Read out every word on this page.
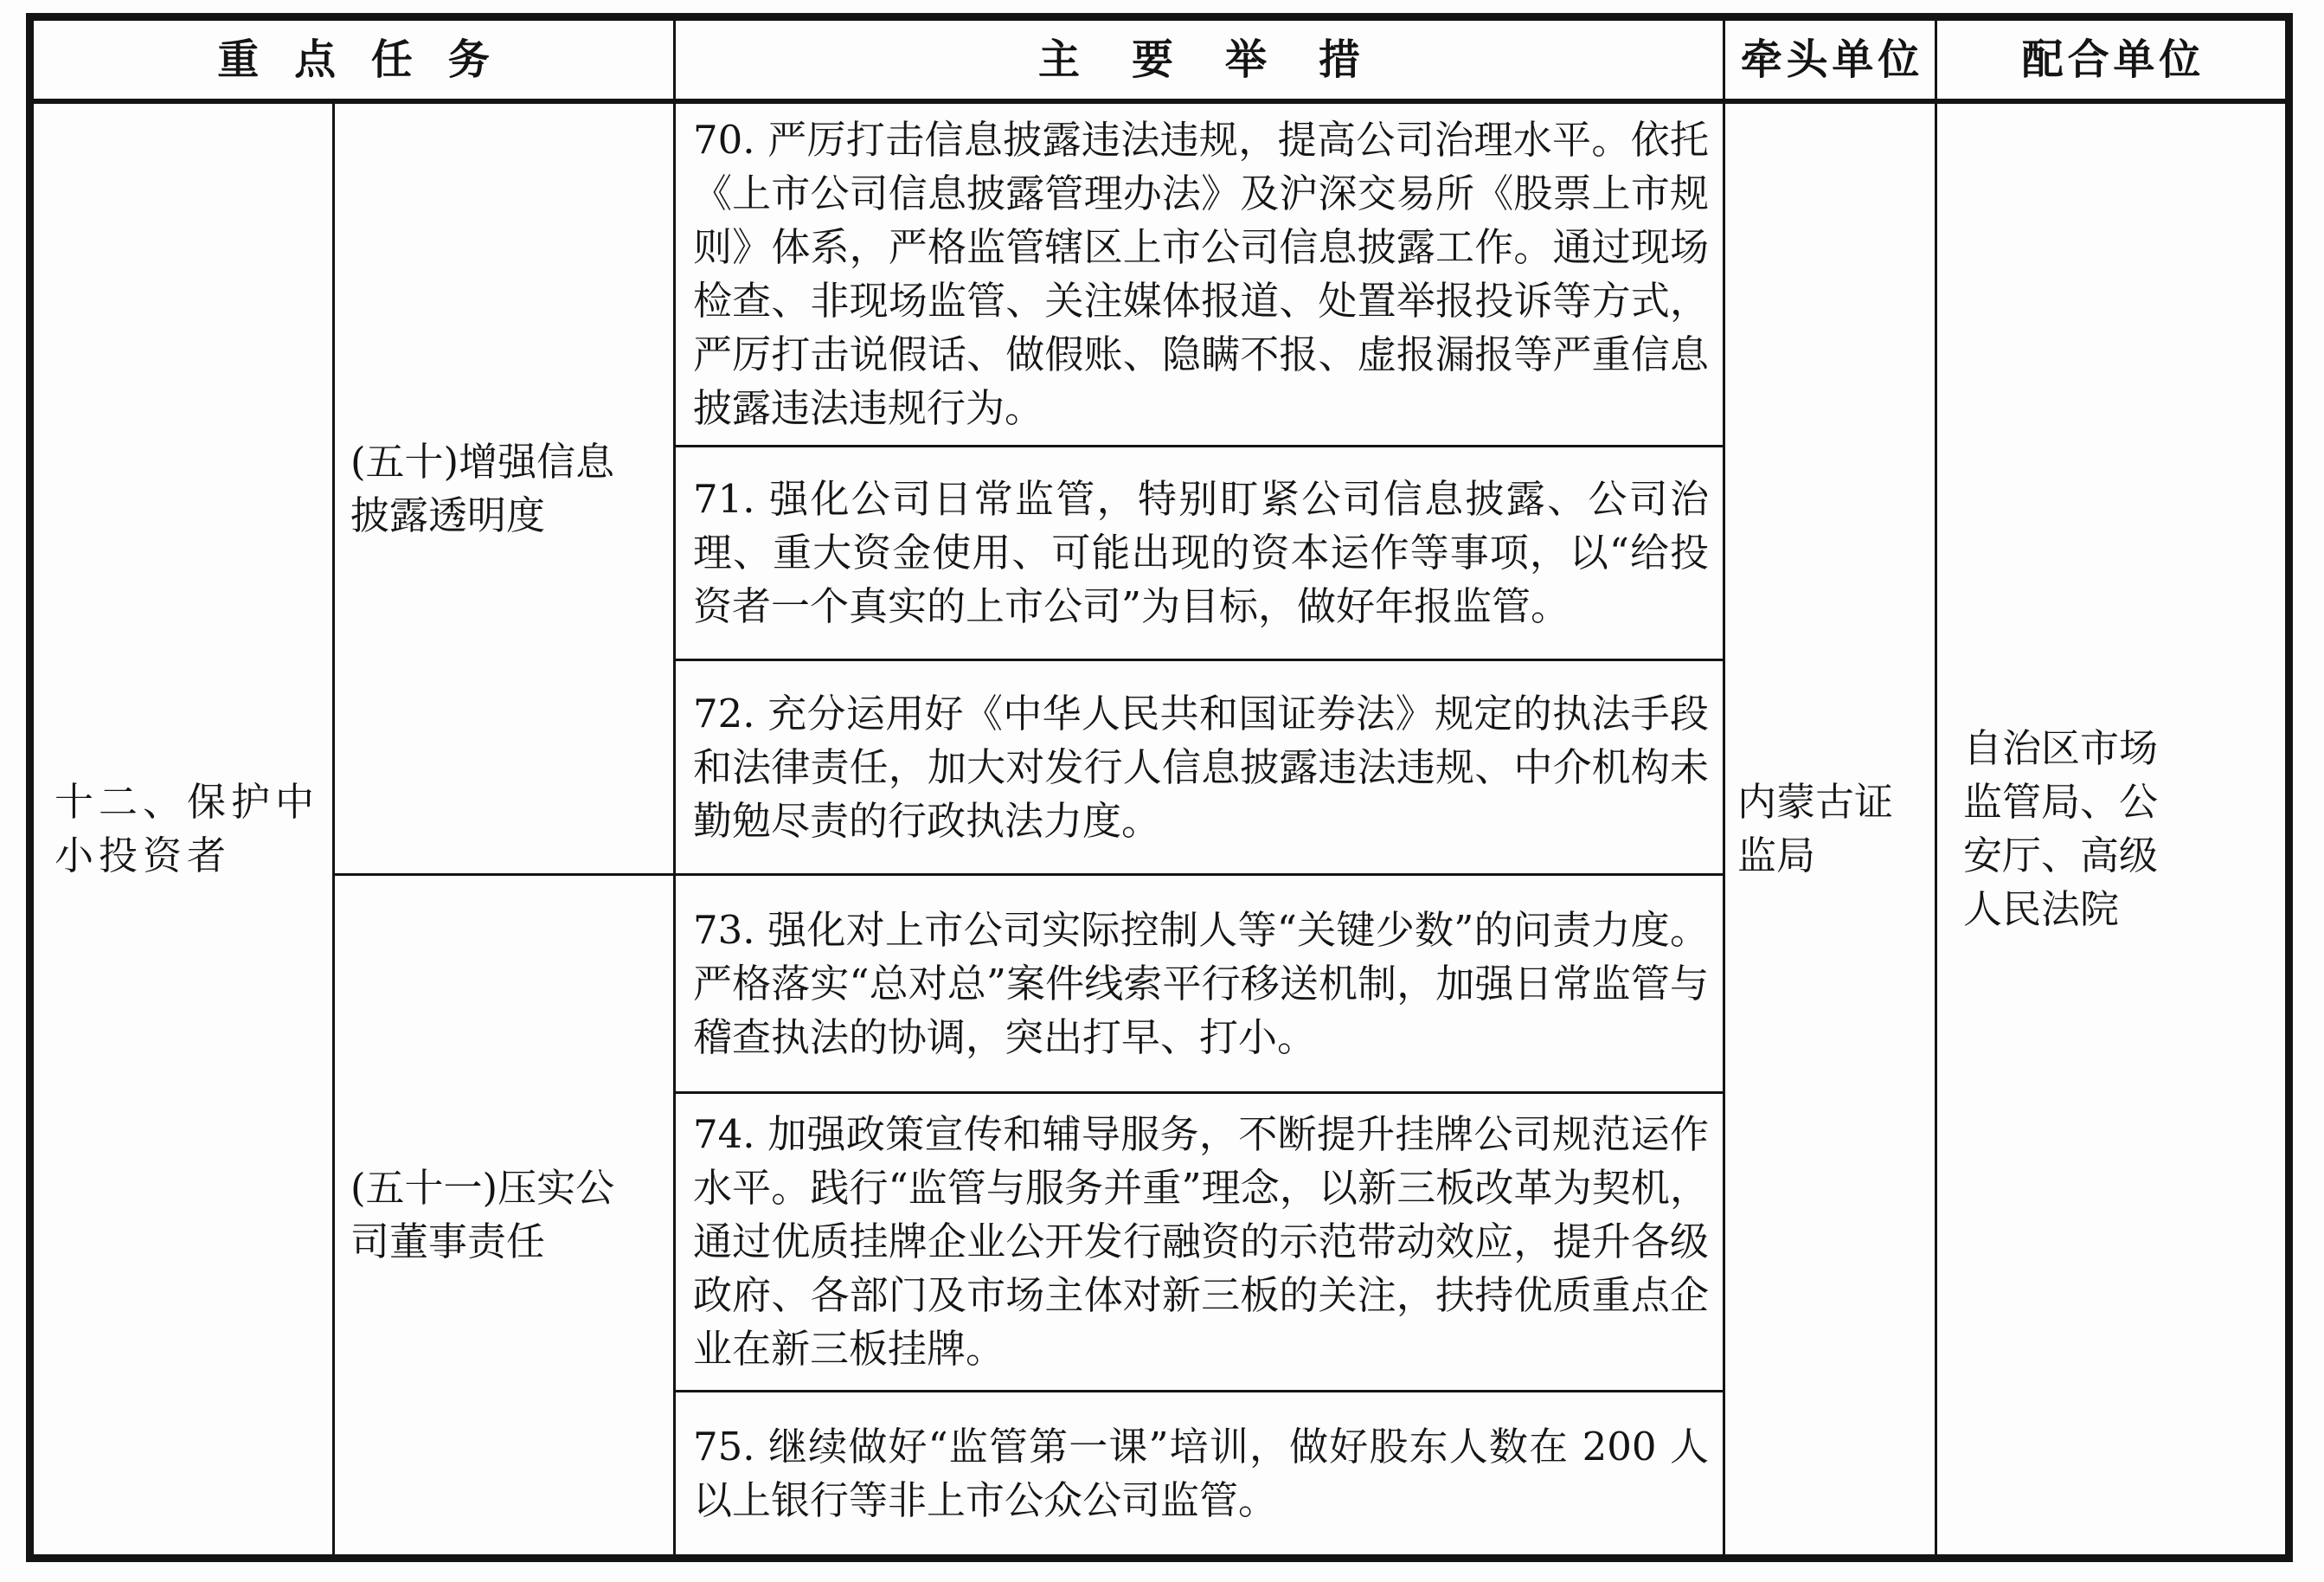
重点任务	主要举措	牵头单位 配合单位
十二、保护中小投资者
(五十)增强信息披露透明度
(五十一)压实公司董事责任
70. 严厉打击信息披露违法违规，提高公司治理水平。依托《上市公司信息披露管理办法》及沪深交易所《股票上市规则》体系，严格监管辖区上市公司信息披露工作。通过现场检查、非现场监管、关注媒体报道、处置举报投诉等方式，严厉打击说假话、做假账、隐瞒不报、虚报漏报等严重信息披露违法违规行为。
71. 强化公司日常监管，特别盯紧公司信息披露、公司治理、重大资金使用、可能出现的资本运作等事项，以“给投资者一个真实的上市公司”为目标，做好年报监管。
72. 充分运用好《中华人民共和国证券法》规定的执法手段和法律责任，加大对发行人信息披露违法违规、中介机构未勤勉尽责的行政执法力度。
73. 强化对上市公司实际控制人等“关键少数”的问责力度。严格落实“总对总”案件线索平行移送机制，加强日常监管与稽查执法的协调，突出打早、打小。
74. 加强政策宣传和辅导服务，不断提升挂牌公司规范运作水平。践行“监管与服务并重”理念，以新三板改革为契机，通过优质挂牌企业公开发行融资的示范带动效应，提升各级政府、各部门及市场主体对新三板的关注，扶持优质重点企业在新三板挂牌。
75. 继续做好“监管第一课”培训，做好股东人数在 200 人以上银行等非上市公众公司监管。
内蒙古证监局
自治区市场监管局、公安厅、高级人民法院
